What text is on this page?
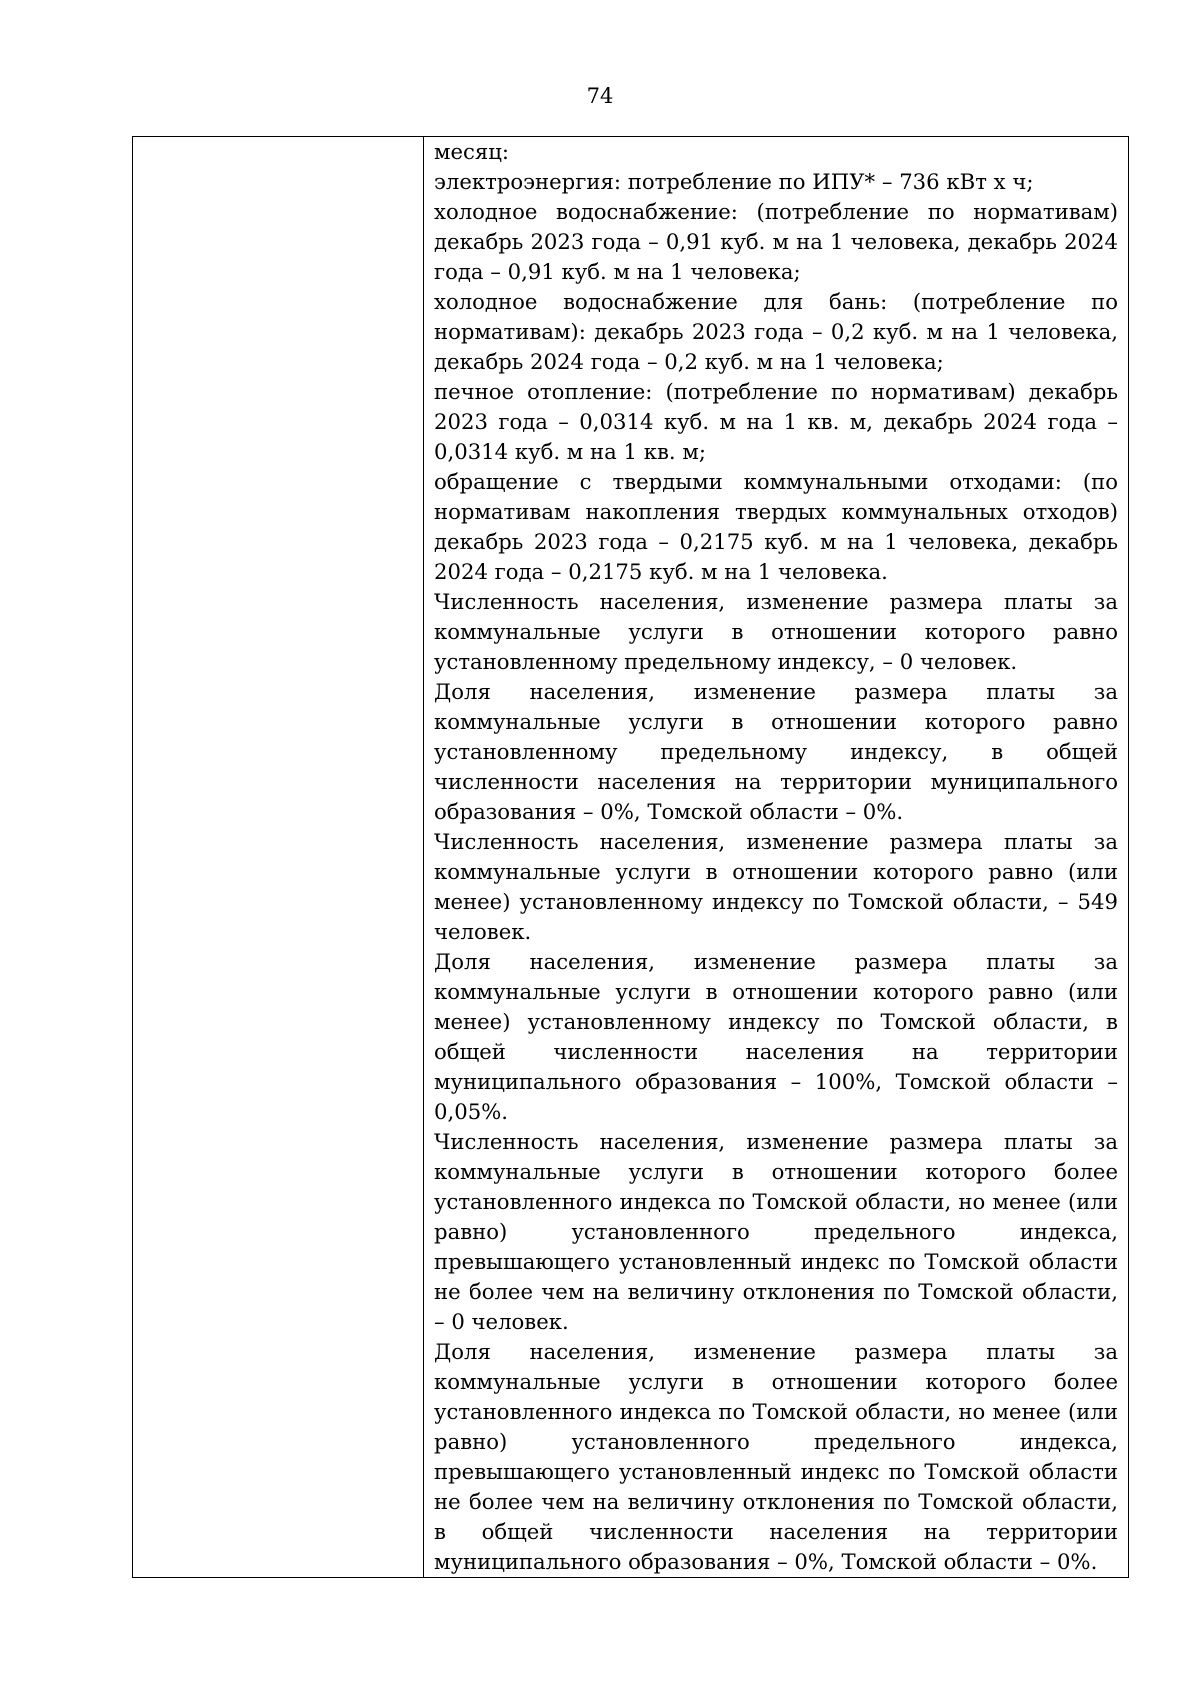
74

месяц:

электроэнергия: потребление по ИПУ* – 736 кВт х ч;

холодное водоснабжение: (потребление по нормативам) декабрь 2023 года – 0,91 куб. м на 1 человека, декабрь 2024 года – 0,91 куб. м на 1 человека;

холодное водоснабжение для бань: (потребление по нормативам): декабрь 2023 года – 0,2 куб. м на 1 человека, декабрь 2024 года – 0,2 куб. м на 1 человека;

печное отопление: (потребление по нормативам) декабрь 2023 года – 0,0314 куб. м на 1 кв. м, декабрь 2024 года – 0,0314 куб. м на 1 кв. м;

обращение с твердыми коммунальными отходами: (по нормативам накопления твердых коммунальных отходов) декабрь 2023 года – 0,2175 куб. м на 1 человека, декабрь 2024 года – 0,2175 куб. м на 1 человека.

Численность населения, изменение размера платы за коммунальные услуги в отношении которого равно установленному предельному индексу, – 0 человек.

Доля населения, изменение размера платы за коммунальные услуги в отношении которого равно установленному предельному индексу, в общей численности населения на территории муниципального образования – 0%, Томской области – 0%.

Численность населения, изменение размера платы за коммунальные услуги в отношении которого равно (или менее) установленному индексу по Томской области, – 549 человек.

Доля населения, изменение размера платы за коммунальные услуги в отношении которого равно (или менее) установленному индексу по Томской области, в общей численности населения на территории муниципального образования – 100%, Томской области – 0,05%.

Численность населения, изменение размера платы за коммунальные услуги в отношении которого более установленного индекса по Томской области, но менее (или равно) установленного предельного индекса, превышающего установленный индекс по Томской области не более чем на величину отклонения по Томской области, – 0 человек.

Доля населения, изменение размера платы за коммунальные услуги в отношении которого более установленного индекса по Томской области, но менее (или равно) установленного предельного индекса, превышающего установленный индекс по Томской области не более чем на величину отклонения по Томской области, в общей численности населения на территории муниципального образования – 0%, Томской области – 0%.
